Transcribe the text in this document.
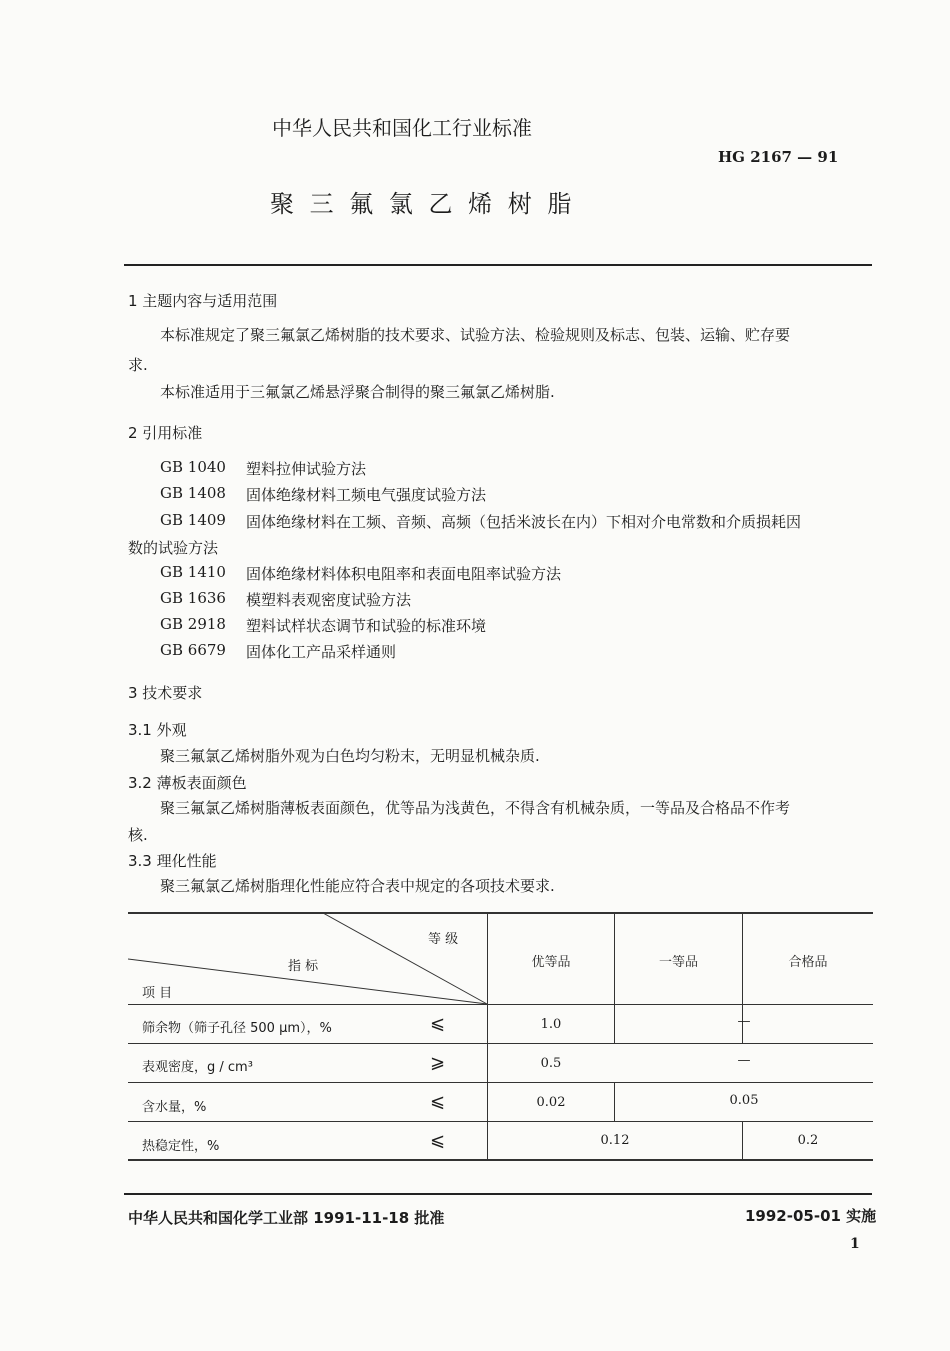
中华人民共和国化工行业标准
HG 2167 — 91
聚 三 氟 氯 乙 烯 树 脂
1 主题内容与适用范围
本标准规定了聚三氟氯乙烯树脂的技术要求、试验方法、检验规则及标志、包装、运输、贮存要
求.
本标准适用于三氟氯乙烯悬浮聚合制得的聚三氟氯乙烯树脂.
2 引用标准
GB 1040 塑料拉伸试验方法
GB 1408 固体绝缘材料工频电气强度试验方法
GB 1409 固体绝缘材料在工频、音频、高频（包括米波长在内）下相对介电常数和介质损耗因
数的试验方法
GB 1410 固体绝缘材料体积电阻率和表面电阻率试验方法
GB 1636 模塑料表观密度试验方法
GB 2918 塑料试样状态调节和试验的标准环境
GB 6679 固体化工产品采样通则
3 技术要求
3.1 外观
聚三氟氯乙烯树脂外观为白色均匀粉末，无明显机械杂质.
3.2 薄板表面颜色
聚三氟氯乙烯树脂薄板表面颜色，优等品为浅黄色，不得含有机械杂质，一等品及合格品不作考
核.
3.3 理化性能
聚三氟氯乙烯树脂理化性能应符合表中规定的各项技术要求.
等 级
指 标
项 目
优等品	一等品	合格品
筛余物（筛子孔径 500 μm），%	⩽	1.0	—
表观密度，g / cm³	⩾	0.5	—
含水量，%	⩽	0.02	0.05
热稳定性，%	⩽	0.12	0.2
中华人民共和国化学工业部 1991-11-18 批准	1992-05-01 实施
1
